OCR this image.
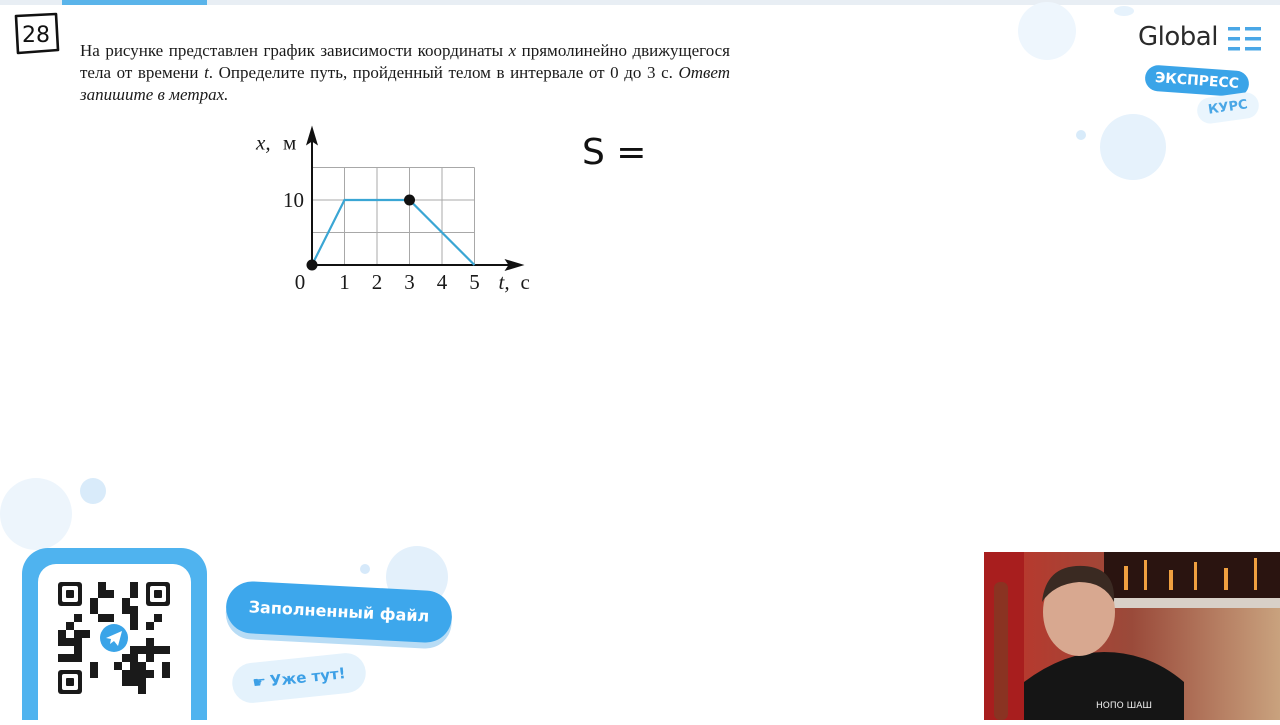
28

На рисунке представлен график зависимости координаты x прямолинейно движущегося тела от времени t. Определите путь, пройденный телом в интервале от 0 до 3 с. Ответ запишите в метрах.

0 1 2 3 4 5
10
x, м
t, с
S =
Global
ЭКСПРЕСС
КУРС
Заполненный файл
☛ Уже тут!
НОПО ШАШ
